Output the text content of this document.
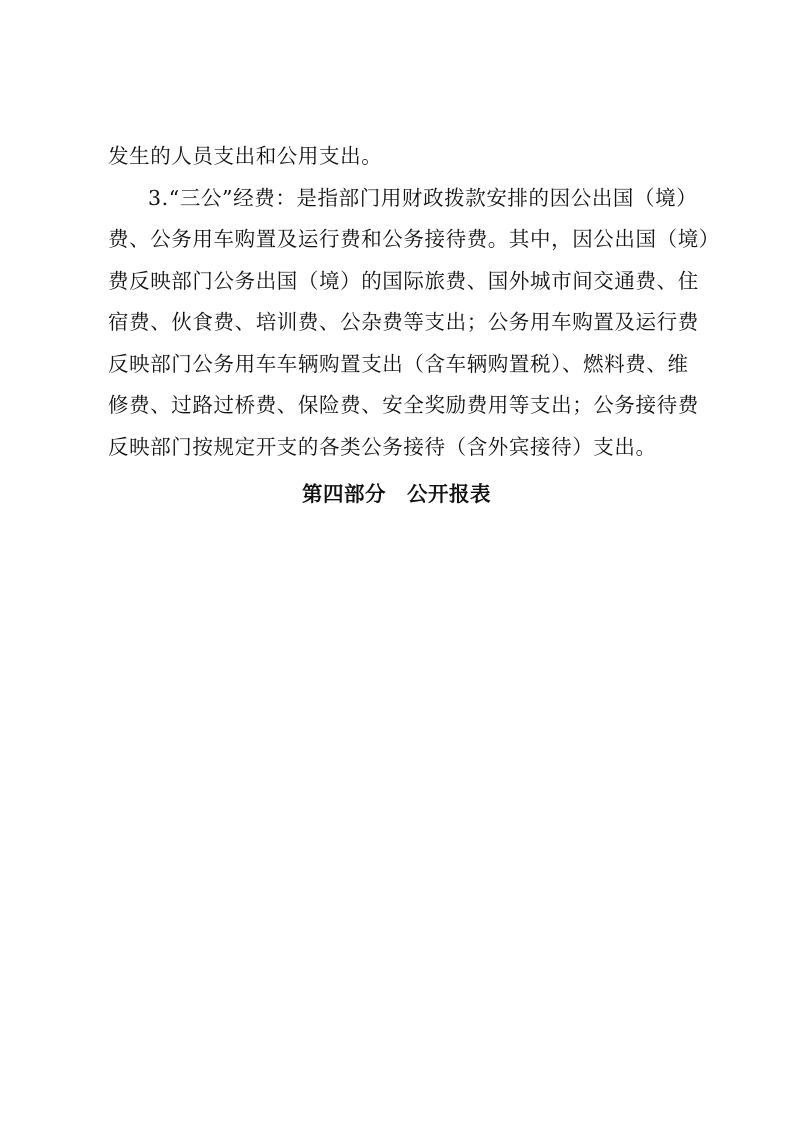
发生的人员支出和公用支出。
3.“三公”经费：是指部门用财政拨款安排的因公出国（境）
费、公务用车购置及运行费和公务接待费。其中，因公出国（境）
费反映部门公务出国（境）的国际旅费、国外城市间交通费、住
宿费、伙食费、培训费、公杂费等支出；公务用车购置及运行费
反映部门公务用车车辆购置支出（含车辆购置税）、燃料费、维
修费、过路过桥费、保险费、安全奖励费用等支出；公务接待费
反映部门按规定开支的各类公务接待（含外宾接待）支出。
第四部分　公开报表
